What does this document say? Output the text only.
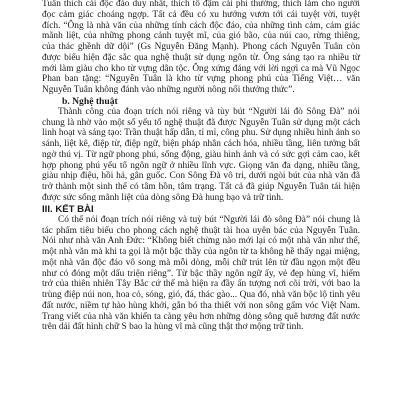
Tuân thích cái độc đáo duy nhất, thích tô đậm cái phi thường, thích làm cho người đọc cảm giác choáng ngợp. Tất cả đều có xu hướng vươn tới cái tuyệt vời, tuyệt đích. “Ông là nhà văn của những tính cách độc đáo, của những tình cảm, cảm giác mãnh liệt, của những phong cảnh tuyệt mĩ, của gió bão, của núi cao, rừng thiêng, của thác ghềnh dữ dội” (Gs Nguyễn Đăng Mạnh). Phong cách Nguyễn Tuân còn được biểu hiện đặc sắc qua nghệ thuật sử dụng ngôn từ. Ông sáng tạo ra nhiều từ mới làm giàu cho kho từ vựng dân tộc. Ông xứng đáng với lời ngợi ca mà Vũ Ngọc Phan ban tặng: “Nguyễn Tuân là kho từ vựng phong phú của Tiếng Việt… văn Nguyễn Tuân không đánh vào những người nông nổi thưởng thức”.

b. Nghệ thuật

Thành công của đoạn trích nói riêng và tùy bút “Người lái đò Sông Đà” nói chung là nhờ vào một số yếu tố nghệ thuật đã được Nguyễn Tuân sử dụng một cách linh hoạt và sáng tạo: Trần thuật hấp dẫn, tỉ mỉ, công phu. Sử dụng nhiều hình ảnh so sánh, liệt kê, điệp từ, điệp ngữ, biện pháp nhân cách hóa, nhiều tầng, liên tưởng bất ngờ thú vị. Từ ngữ phong phú, sống động, giàu hình ảnh và có sức gợi cảm cao, kết hợp phong phú yếu tố ngôn ngữ ở nhiều lĩnh vực. Giọng văn đa dạng, nhiều tầng, giàu nhịp điệu, hồi hả, gân guốc. Con Sông Đà vô tri, dưới ngòi bút của nhà văn đã trở thành một sinh thể có tâm hồn, tâm trạng. Tất cả đã giúp Nguyễn Tuân tái hiện được sức sống mãnh liệt của dòng sông Đà hung bạo và trữ tình.

III. KẾT BÀI

Có thể nói đoạn trích nói riêng và tuỳ bút “Người lái đò sông Đà” nói chung là tác phẩm tiêu biểu cho phong cách nghệ thuật tài hoa uyên bác của Nguyễn Tuân. Nói như nhà văn Anh Đức: “Không biết chừng nào mới lại có một nhà văn như thế, một nhà văn mà khi ta gọi là một bậc thầy của ngôn từ ta không hề thấy ngại miệng, một nhà văn độc đáo vô song mà mỗi dòng, mỗi chữ trút lên từ đầu ngọn một đều như có đóng một dấu triện riêng”. Từ bậc thầy ngôn ngữ ấy, vẻ đẹp hùng vĩ, hiểm trở của thiên nhiên Tây Bắc cứ thế mà hiện ra đầy ấn tượng nơi cõi trời, với bao la trùng điệp núi non, hoa cỏ, sóng, gió, đá, thác gào... Qua đó, nhà văn bộc lộ tình yêu đất nước, niềm tự hào hùng khởi, gắn bó tha thiết với non sông gấm vóc Việt Nam. Trang viết của nhà văn khiến ta càng yêu hơn những dòng sông quê hương đất nước trên dải đất hình chữ S bao la hùng vĩ mà cũng thật thơ mộng trữ tình.
